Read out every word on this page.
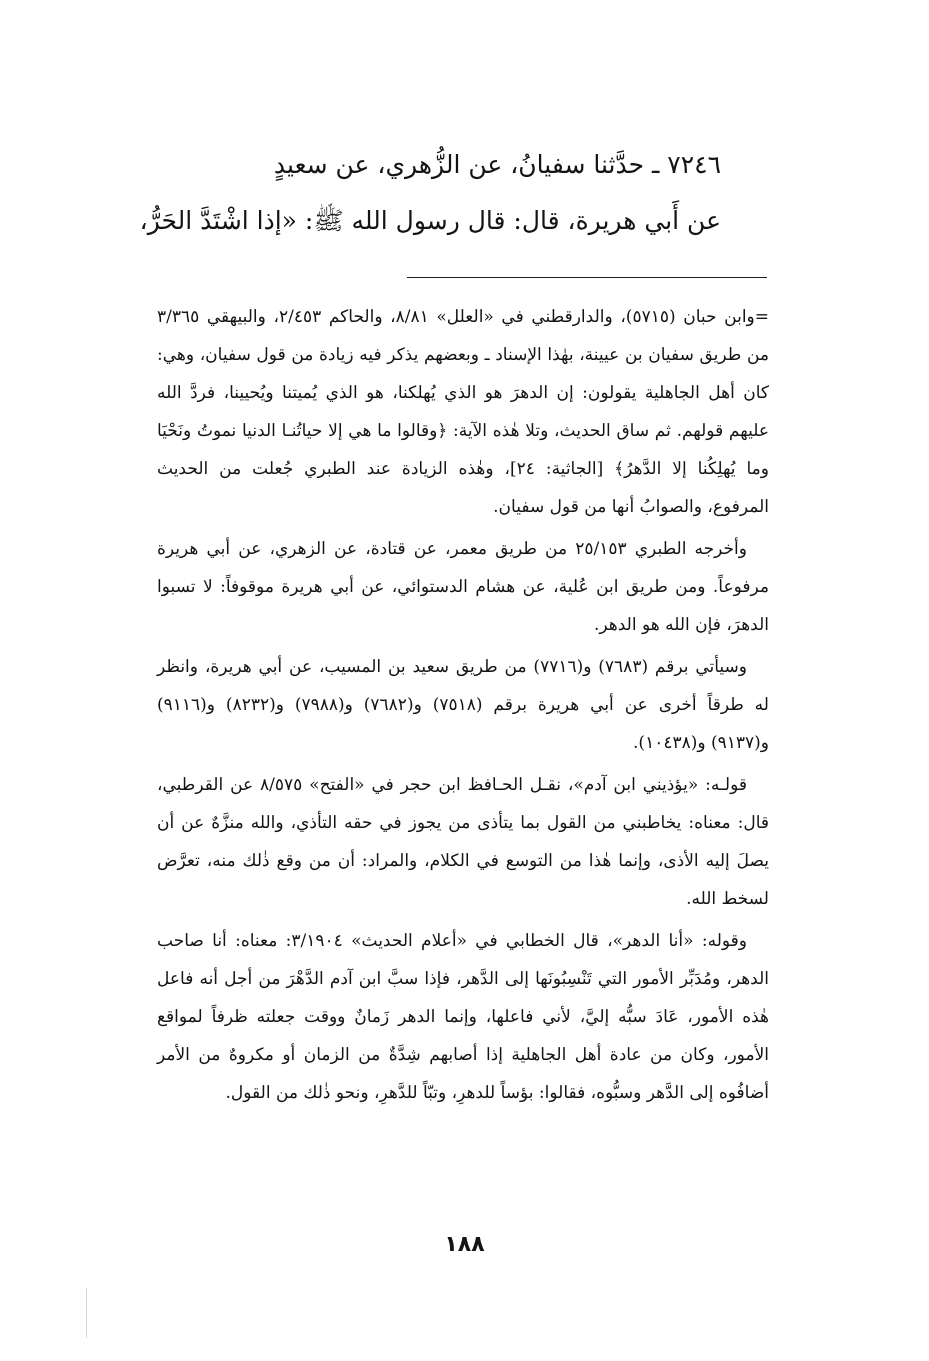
٧٢٤٦ ـ حدَّثنا سفيانُ، عن الزُّهري، عن سعيدٍ
عن أَبي هريرة، قال: قال رسول الله ﷺ: «إذا اشْتَدَّ الحَرُّ،

=وابن حبان (٥٧١٥)، والدارقطني في «العلل» ٨/٨١، والحاكم ٢/٤٥٣، والبيهقي ٣/٣٦٥ من طريق سفيان بن عيينة، بهٰذا الإسناد ـ وبعضهم يذكر فيه زيادة من قول سفيان، وهي: كان أهل الجاهلية يقولون: إن الدهرَ هو الذي يُهلكنا، هو الذي يُميتنا ويُحيينا، فردَّ الله عليهم قولهم. ثم ساق الحديث، وتلا هٰذه الآية: ﴿وقالوا ما هي إلا حياتُنـا الدنيا نموتُ ونَحْيَا وما يُهلِكُنا إلا الدَّهرُ﴾ [الجاثية: ٢٤]، وهٰذه الزيادة عند الطبري جُعلت من الحديث المرفوع، والصوابُ أنها من قول سفيان.

وأخرجه الطبري ٢٥/١٥٣ من طريق معمر، عن قتادة، عن الزهري، عن أبي هريرة مرفوعاً. ومن طريق ابن عُلية، عن هشام الدستوائي، عن أبي هريرة موقوفاً: لا تسبوا الدهرَ، فإن الله هو الدهر.

وسيأتي برقم (٧٦٨٣) و(٧٧١٦) من طريق سعيد بن المسيب، عن أبي هريرة، وانظر له طرقاً أخرى عن أبي هريرة برقم (٧٥١٨) و(٧٦٨٢) و(٧٩٨٨) و(٨٢٣٢) و(٩١١٦) و(٩١٣٧) و(١٠٤٣٨).

قولـه: «يؤذيني ابن آدم»، نقـل الحـافظ ابن حجر في «الفتح» ٨/٥٧٥ عن القرطبي، قال: معناه: يخاطبني من القول بما يتأذى من يجوز في حقه التأذي، والله منزَّهٌ عن أن يصلَ إليه الأذى، وإنما هٰذا من التوسع في الكلام، والمراد: أن من وقع ذٰلك منه، تعرَّض لسخط الله.

وقوله: «أنا الدهر»، قال الخطابي في «أعلام الحديث» ٣/١٩٠٤: معناه: أنا صاحب الدهر، ومُدَبِّر الأمور التي تَنْسِبُونَها إلى الدَّهر، فإذا سبَّ ابن آدم الدَّهْرَ من أجل أنه فاعل هٰذه الأمور، عَادَ سبُّه إليَّ، لأني فاعلها، وإنما الدهر زَمانٌ ووقت جعلته ظرفاً لمواقع الأمور، وكان من عادة أهل الجاهلية إذا أصابهم شِدَّةٌ من الزمان أو مكروهٌ من الأمر أضافُوه إلى الدَّهر وسبُّوه، فقالوا: بؤساً للدهرِ، وتبّاً للدَّهرِ، ونحو ذٰلك من القول.

١٨٨
